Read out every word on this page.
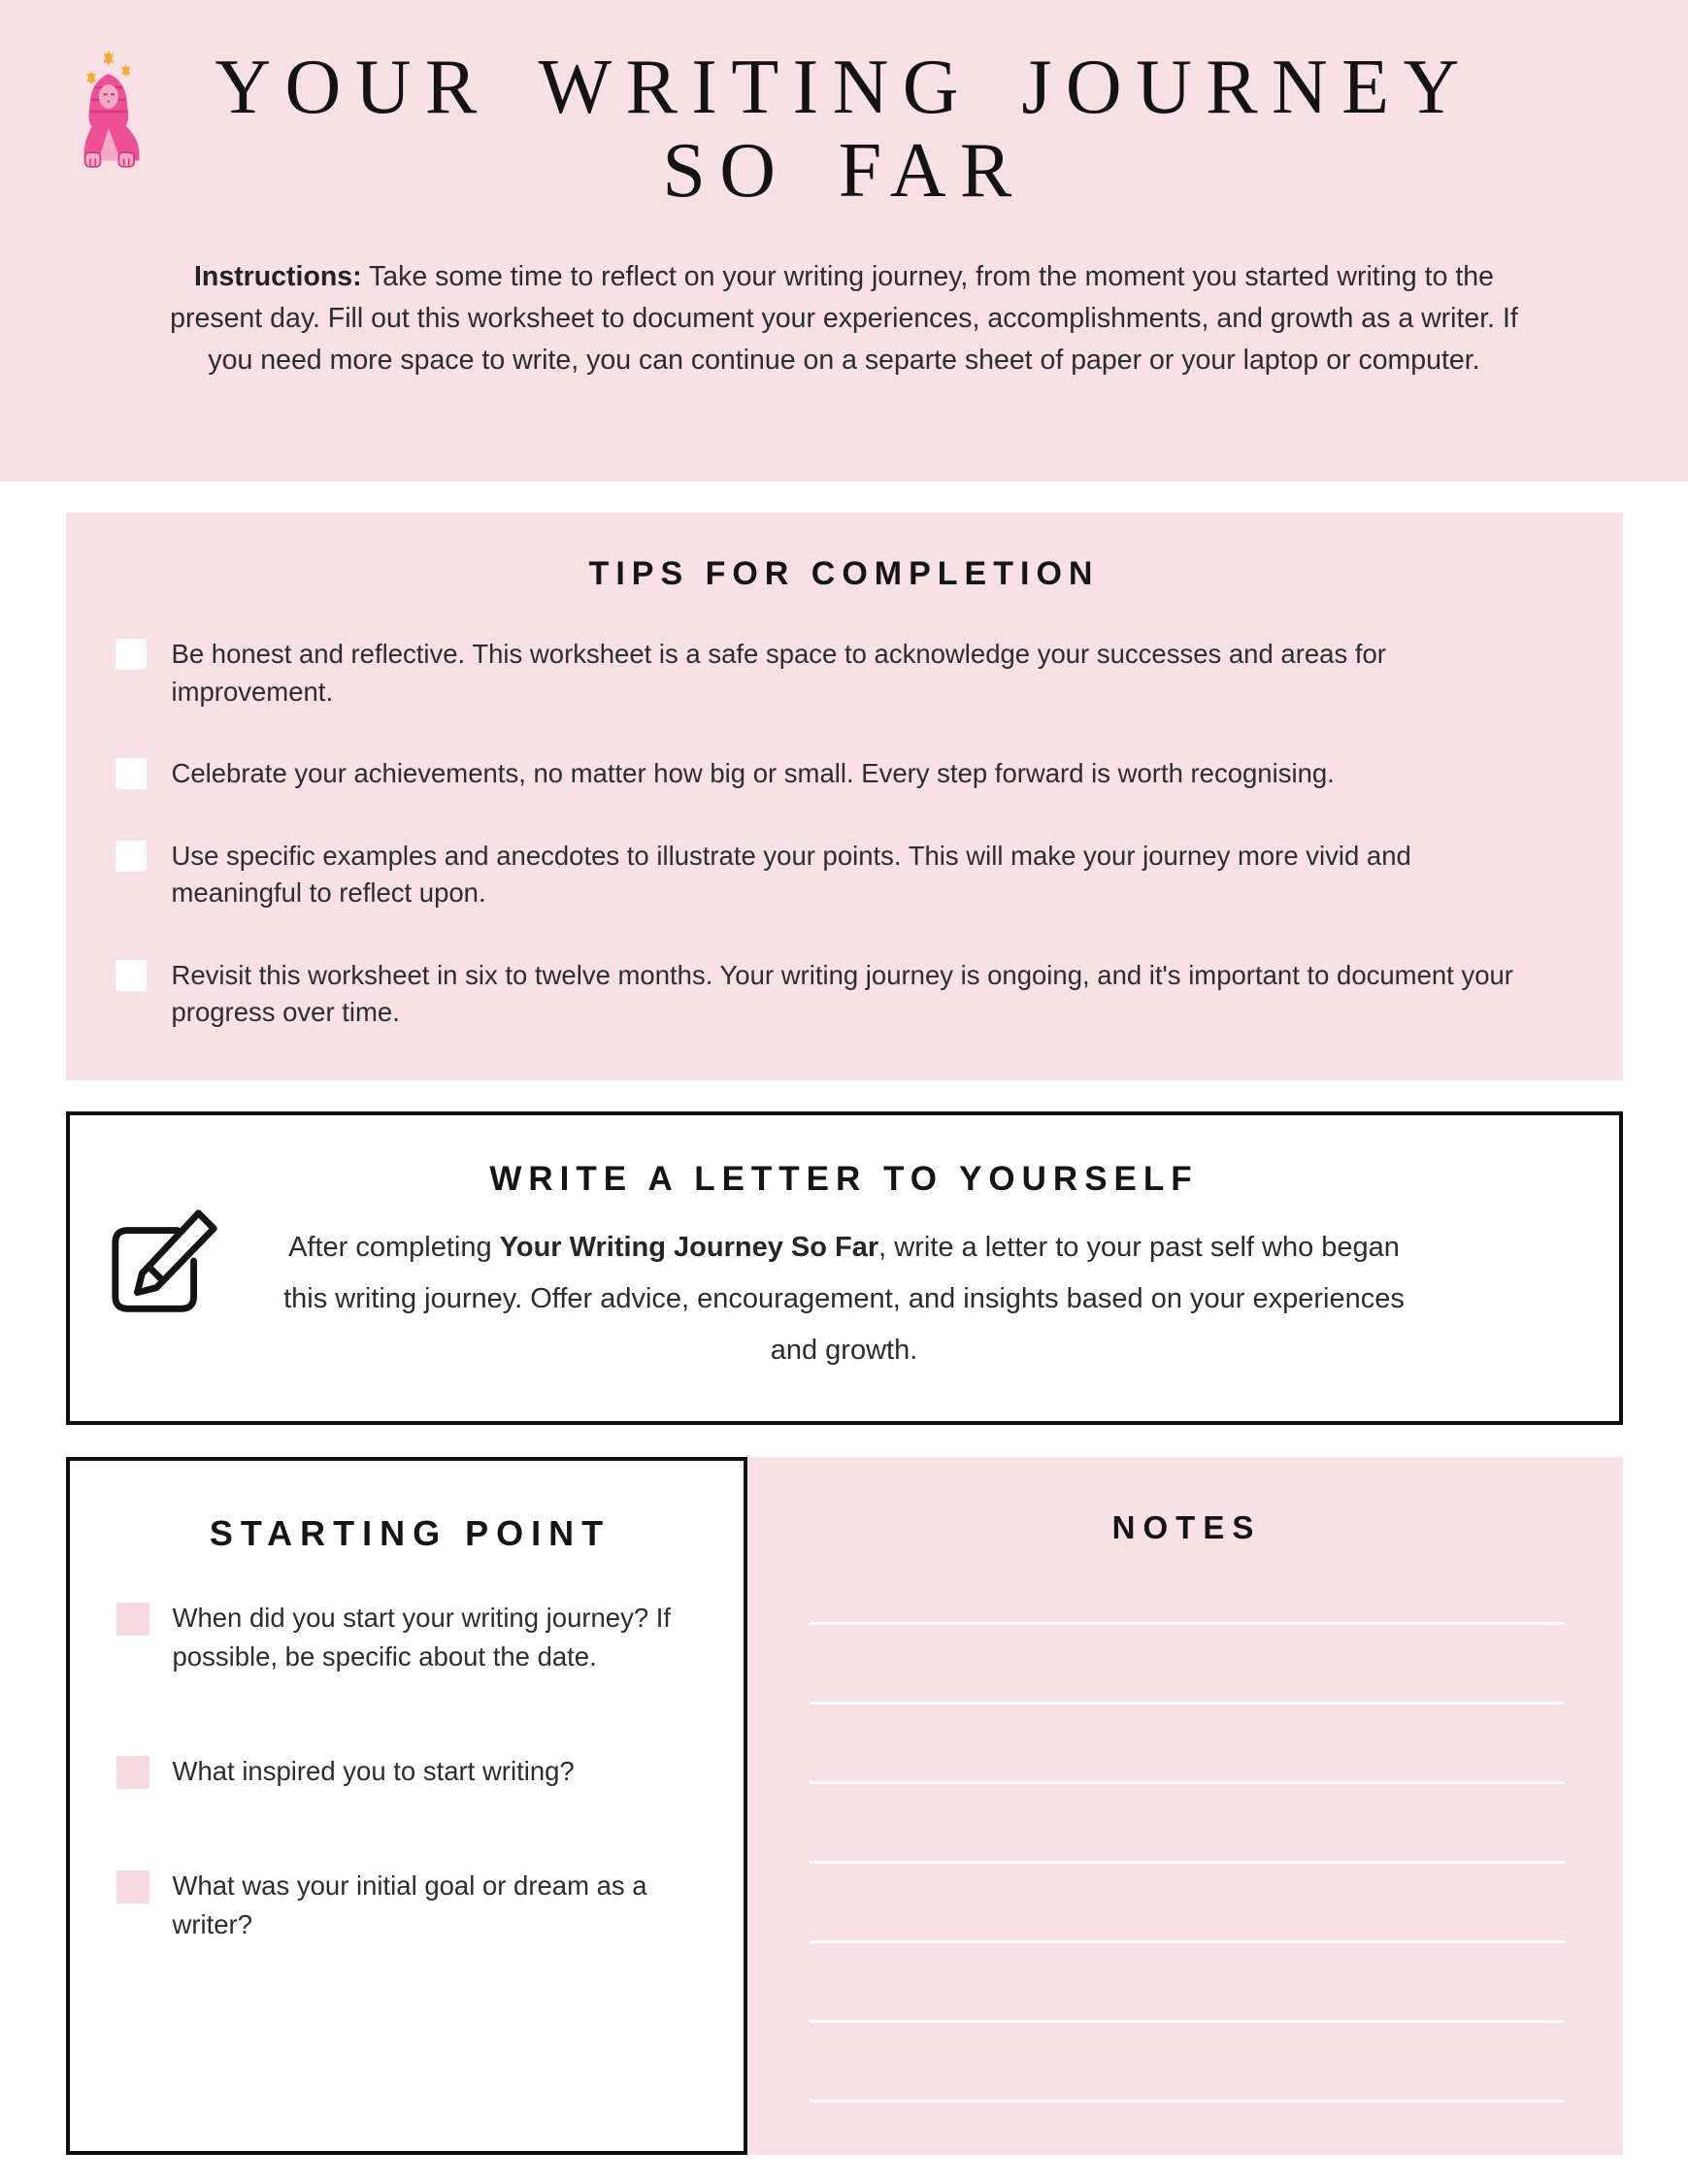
YOUR WRITING JOURNEY
SO FAR

Instructions: Take some time to reflect on your writing journey, from the moment you started writing to the present day. Fill out this worksheet to document your experiences, accomplishments, and growth as a writer. If you need more space to write, you can continue on a separte sheet of paper or your laptop or computer.

TIPS FOR COMPLETION
Be honest and reflective. This worksheet is a safe space to acknowledge your successes and areas for improvement.
Celebrate your achievements, no matter how big or small. Every step forward is worth recognising.
Use specific examples and anecdotes to illustrate your points. This will make your journey more vivid and meaningful to reflect upon.
Revisit this worksheet in six to twelve months. Your writing journey is ongoing, and it's important to document your progress over time.
WRITE A LETTER TO YOURSELF

After completing Your Writing Journey So Far, write a letter to your past self who began this writing journey. Offer advice, encouragement, and insights based on your experiences and growth.

STARTING POINT
When did you start your writing journey? If possible, be specific about the date.
What inspired you to start writing?
What was your initial goal or dream as a writer?
NOTES
